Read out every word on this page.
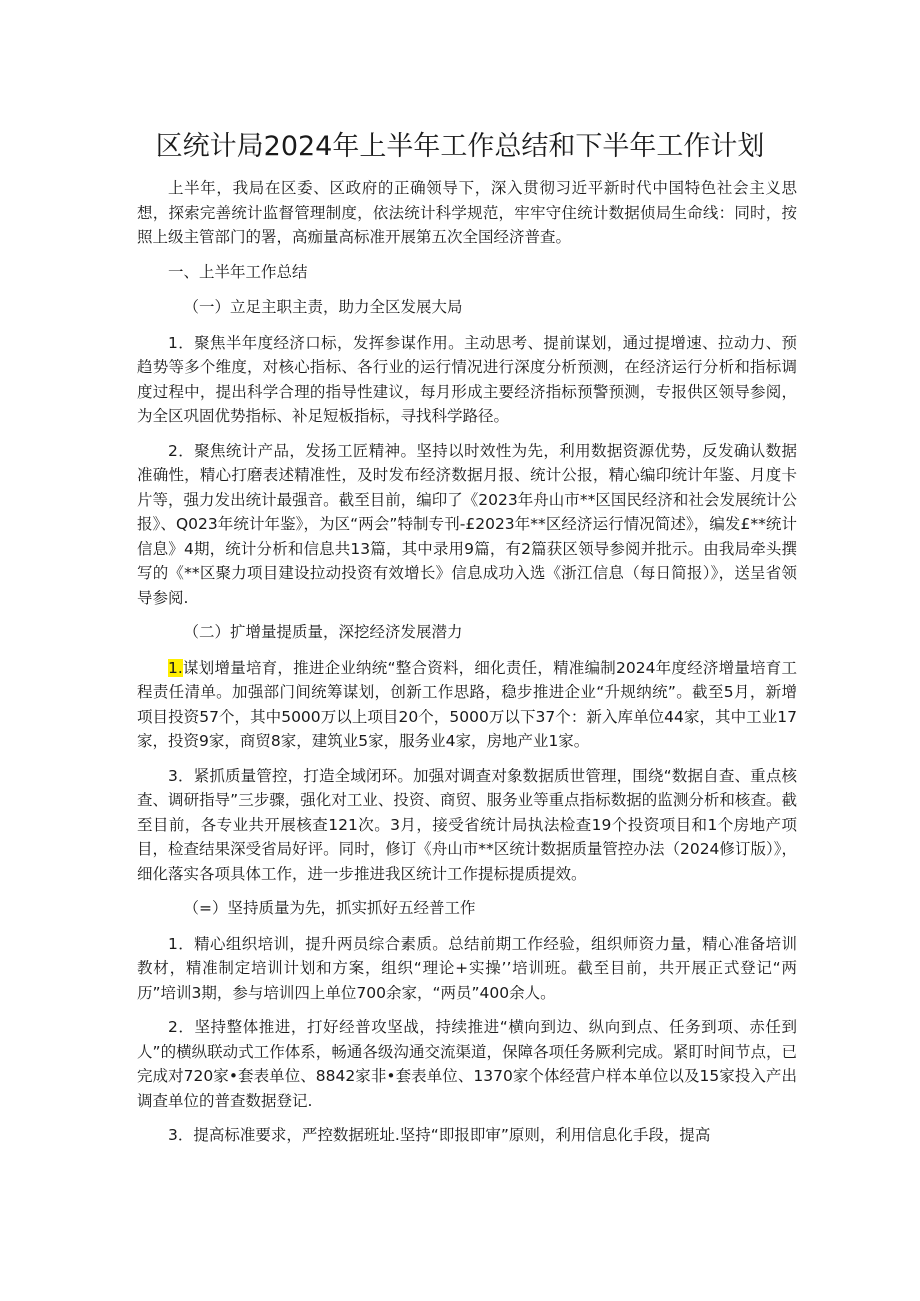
区统计局2024年上半年工作总结和下半年工作计划

上半年，我局在区委、区政府的正确领导下，深入贯彻习近平新时代中国特色社会主义思想，探索完善统计监督管理制度，依法统计科学规范，牢牢守住统计数据侦局生命线：同时，按照上级主管部门的署，高痂量高标准开展第五次全国经济普查。

一、上半年工作总结

（一）立足主职主责，助力全区发展大局

1．聚焦半年度经济口标，发挥参谋作用。主动思考、提前谋划，通过提增速、拉动力、预趋势等多个维度，对核心指标、各行业的运行情况进行深度分析预测，在经济运行分析和指标调度过程中，提出科学合理的指导性建议，每月形成主要经济指标预警预测，专报供区领导参阅，为全区巩固优势指标、补足短板指标，寻找科学路径。

2．聚焦统计产品，发扬工匠精神。坚持以时效性为先，利用数据资源优势，反发确认数据准确性，精心打磨表述精准性，及时发布经济数据月报、统计公报，精心编印统计年鉴、月度卡片等，强力发出统计最强音。截至目前，编印了《2023年舟山市**区国民经济和社会发展统计公报》、Q023年统计年鉴》，为区“两会”特制专刊-£2023年**区经济运行情况简述》，编发£**统计信息》4期，统计分析和信息共13篇，其中录用9篇，有2篇获区领导参阅并批示。由我局牵头撰写的《**区聚力项目建设拉动投资有效增长》信息成功入选《浙江信息（每日简报）》，送呈省领导参阅.

（二）扩增量提质量，深挖经济发展潜力

1.谋划增量培育，推进企业纳统“整合资料，细化责任，精准编制2024年度经济增量培育工程责任清单。加强部门间统筹谋划，创新工作思路，稳步推进企业“升规纳统”。截至5月，新增项目投资57个，其中5000万以上项目20个，5000万以下37个：新入库单位44家，其中工业17家，投资9家，商贸8家，建筑业5家，服务业4家，房地产业1家。

3．紧抓质量管控，打造全域闭环。加强对调查对象数据质世管理，围绕“数据自查、重点核查、调研指导”三步骤，强化对工业、投资、商贸、服务业等重点指标数据的监测分析和核查。截至目前，各专业共开展核查121次。3月，接受省统计局执法检查19个投资项目和1个房地产项目，检查结果深受省局好评。同时，修订《舟山市**区统计数据质量管控办法（2024修订版）》，细化落实各项具体工作，进一步推进我区统计工作提标提质提效。

（=）坚持质量为先，抓实抓好五经普工作

1．精心组织培训，提升两员综合素质。总结前期工作经验，组织师资力量，精心准备培训教材，精准制定培训计划和方案，组织“理论+实操’’培训班。截至目前，共开展正式登记“两历”培训3期，参与培训四上单位700余家，“两员”400余人。

2．坚持整体推进，打好经普攻坚战，持续推进“横向到边、纵向到点、任务到项、赤任到人”的横纵联动式工作体系，畅通各级沟通交流渠道，保障各项任务厥利完成。紧盯时间节点，已完成对720家•套表单位、8842家非•套表单位、1370家个体经营户样本单位以及15家投入产出调查单位的普查数据登记.

3．提高标准要求，严控数据班址.坚持“即报即审”原则，利用信息化手段，提高
